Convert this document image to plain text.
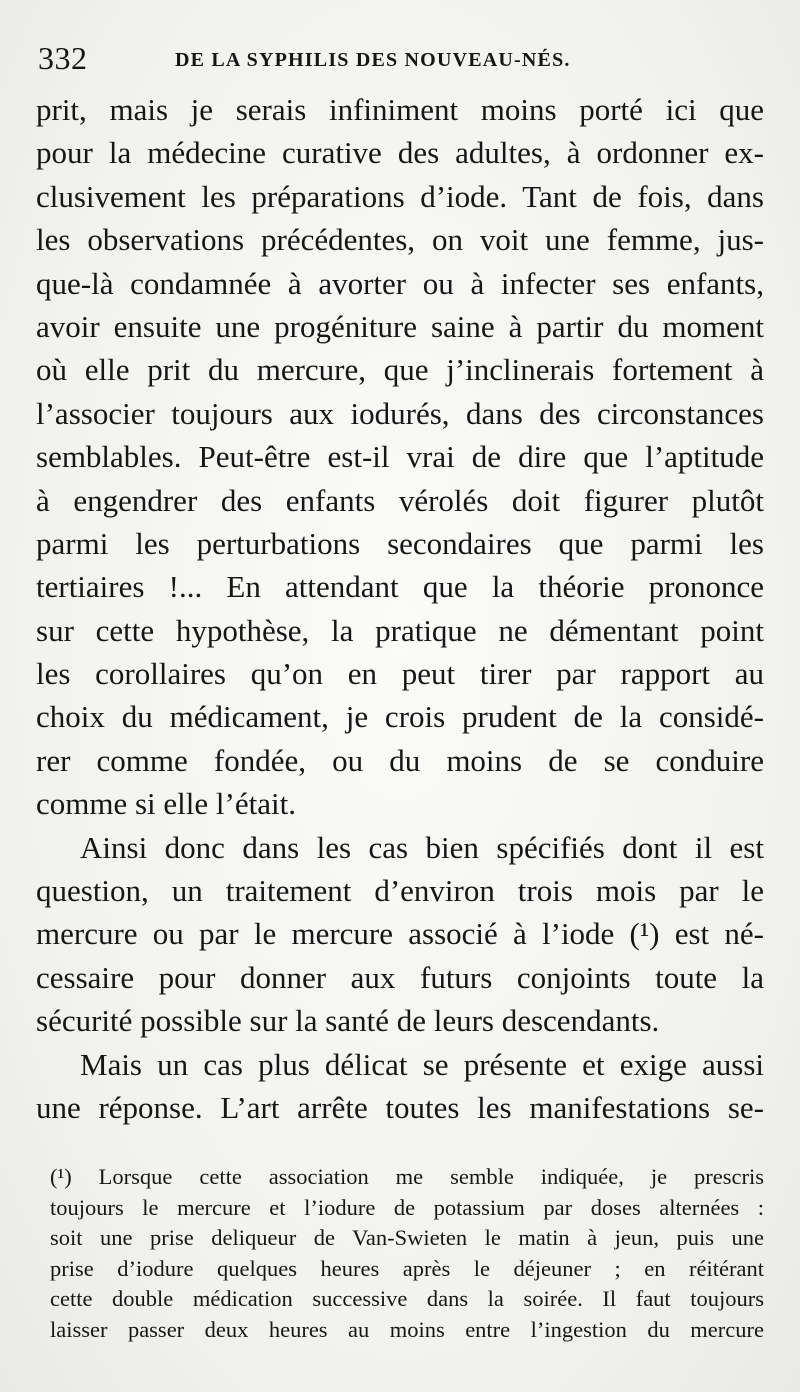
332	DE LA SYPHILIS DES NOUVEAU-NÉS.
prit, mais je serais infiniment moins porté ici que
pour la médecine curative des adultes, à ordonner ex-
clusivement les préparations d’iode. Tant de fois, dans
les observations précédentes, on voit une femme, jus-
que-là condamnée à avorter ou à infecter ses enfants,
avoir ensuite une progéniture saine à partir du moment
où elle prit du mercure, que j’inclinerais fortement à
l’associer toujours aux iodurés, dans des circonstances
semblables. Peut-être est-il vrai de dire que l’aptitude
à engendrer des enfants vérolés doit figurer plutôt
parmi les perturbations secondaires que parmi les
tertiaires !... En attendant que la théorie prononce
sur cette hypothèse, la pratique ne démentant point
les corollaires qu’on en peut tirer par rapport au
choix du médicament, je crois prudent de la considé-
rer comme fondée, ou du moins de se conduire
comme si elle l’était.
Ainsi donc dans les cas bien spécifiés dont il est
question, un traitement d’environ trois mois par le
mercure ou par le mercure associé à l’iode (¹) est né-
cessaire pour donner aux futurs conjoints toute la
sécurité possible sur la santé de leurs descendants.
Mais un cas plus délicat se présente et exige aussi
une réponse. L’art arrête toutes les manifestations se-
(¹) Lorsque cette association me semble indiquée, je prescris
toujours le mercure et l’iodure de potassium par doses alternées :
soit une prise deliqueur de Van-Swieten le matin à jeun, puis une
prise d’iodure quelques heures après le déjeuner ; en réitérant
cette double médication successive dans la soirée. Il faut toujours
laisser passer deux heures au moins entre l’ingestion du mercure
